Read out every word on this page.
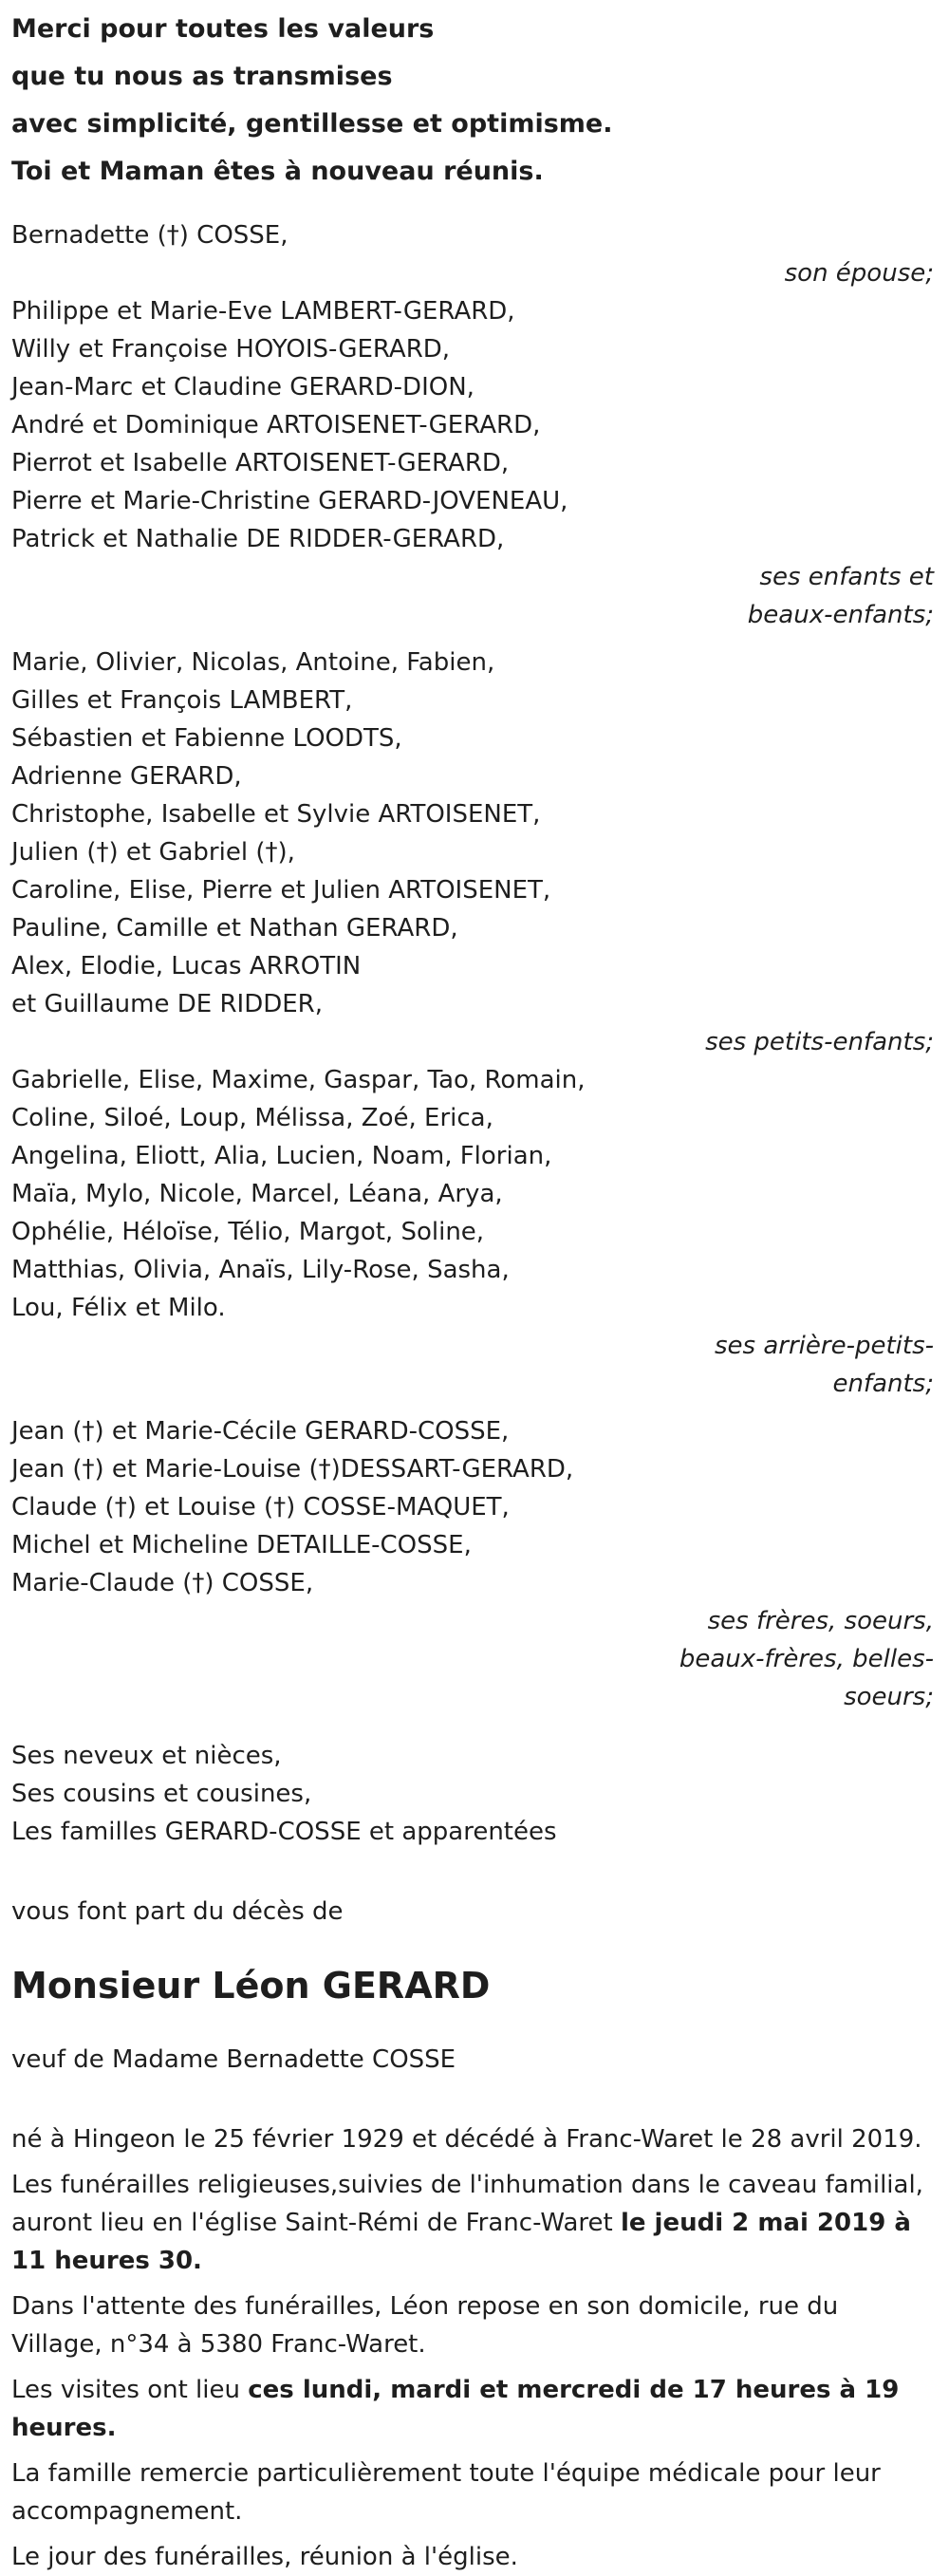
Merci pour toutes les valeurs
que tu nous as transmises
avec simplicité, gentillesse et optimisme.
Toi et Maman êtes à nouveau réunis.
Bernadette (†) COSSE,
son épouse;
Philippe et Marie-Eve LAMBERT-GERARD,
Willy et Françoise HOYOIS-GERARD,
Jean-Marc et Claudine GERARD-DION,
André et Dominique ARTOISENET-GERARD,
Pierrot et Isabelle ARTOISENET-GERARD,
Pierre et Marie-Christine GERARD-JOVENEAU,
Patrick et Nathalie DE RIDDER-GERARD,
ses enfants et
beaux-enfants;
Marie, Olivier, Nicolas, Antoine, Fabien,
Gilles et François LAMBERT,
Sébastien et Fabienne LOODTS,
Adrienne GERARD,
Christophe, Isabelle et Sylvie ARTOISENET,
Julien (†) et Gabriel (†),
Caroline, Elise, Pierre et Julien ARTOISENET,
Pauline, Camille et Nathan GERARD,
Alex, Elodie, Lucas ARROTIN
et Guillaume DE RIDDER,
ses petits-enfants;
Gabrielle, Elise, Maxime, Gaspar, Tao, Romain,
Coline, Siloé, Loup, Mélissa, Zoé, Erica,
Angelina, Eliott, Alia, Lucien, Noam, Florian,
Maïa, Mylo, Nicole, Marcel, Léana, Arya,
Ophélie, Héloïse, Télio, Margot, Soline,
Matthias, Olivia, Anaïs, Lily-Rose, Sasha,
Lou, Félix et Milo.
ses arrière-petits-
enfants;
Jean (†) et Marie-Cécile GERARD-COSSE,
Jean (†) et Marie-Louise (†)DESSART-GERARD,
Claude (†) et Louise (†) COSSE-MAQUET,
Michel et Micheline DETAILLE-COSSE,
Marie-Claude (†) COSSE,
ses frères, soeurs,
beaux-frères, belles-
soeurs;
Ses neveux et nièces,
Ses cousins et cousines,
Les familles GERARD-COSSE et apparentées
vous font part du décès de
Monsieur Léon GERARD
veuf de Madame Bernadette COSSE

né à Hingeon le 25 février 1929 et décédé à Franc-Waret le 28 avril 2019.

Les funérailles religieuses,suivies de l'inhumation dans le caveau familial, auront lieu en l'église Saint-Rémi de Franc-Waret le jeudi 2 mai 2019 à 11 heures 30.

Dans l'attente des funérailles, Léon repose en son domicile, rue du Village, n°34 à 5380 Franc-Waret.

Les visites ont lieu ces lundi, mardi et mercredi de 17 heures à 19 heures.

La famille remercie particulièrement toute l'équipe médicale pour leur accompagnement.

Le jour des funérailles, réunion à l'église.
